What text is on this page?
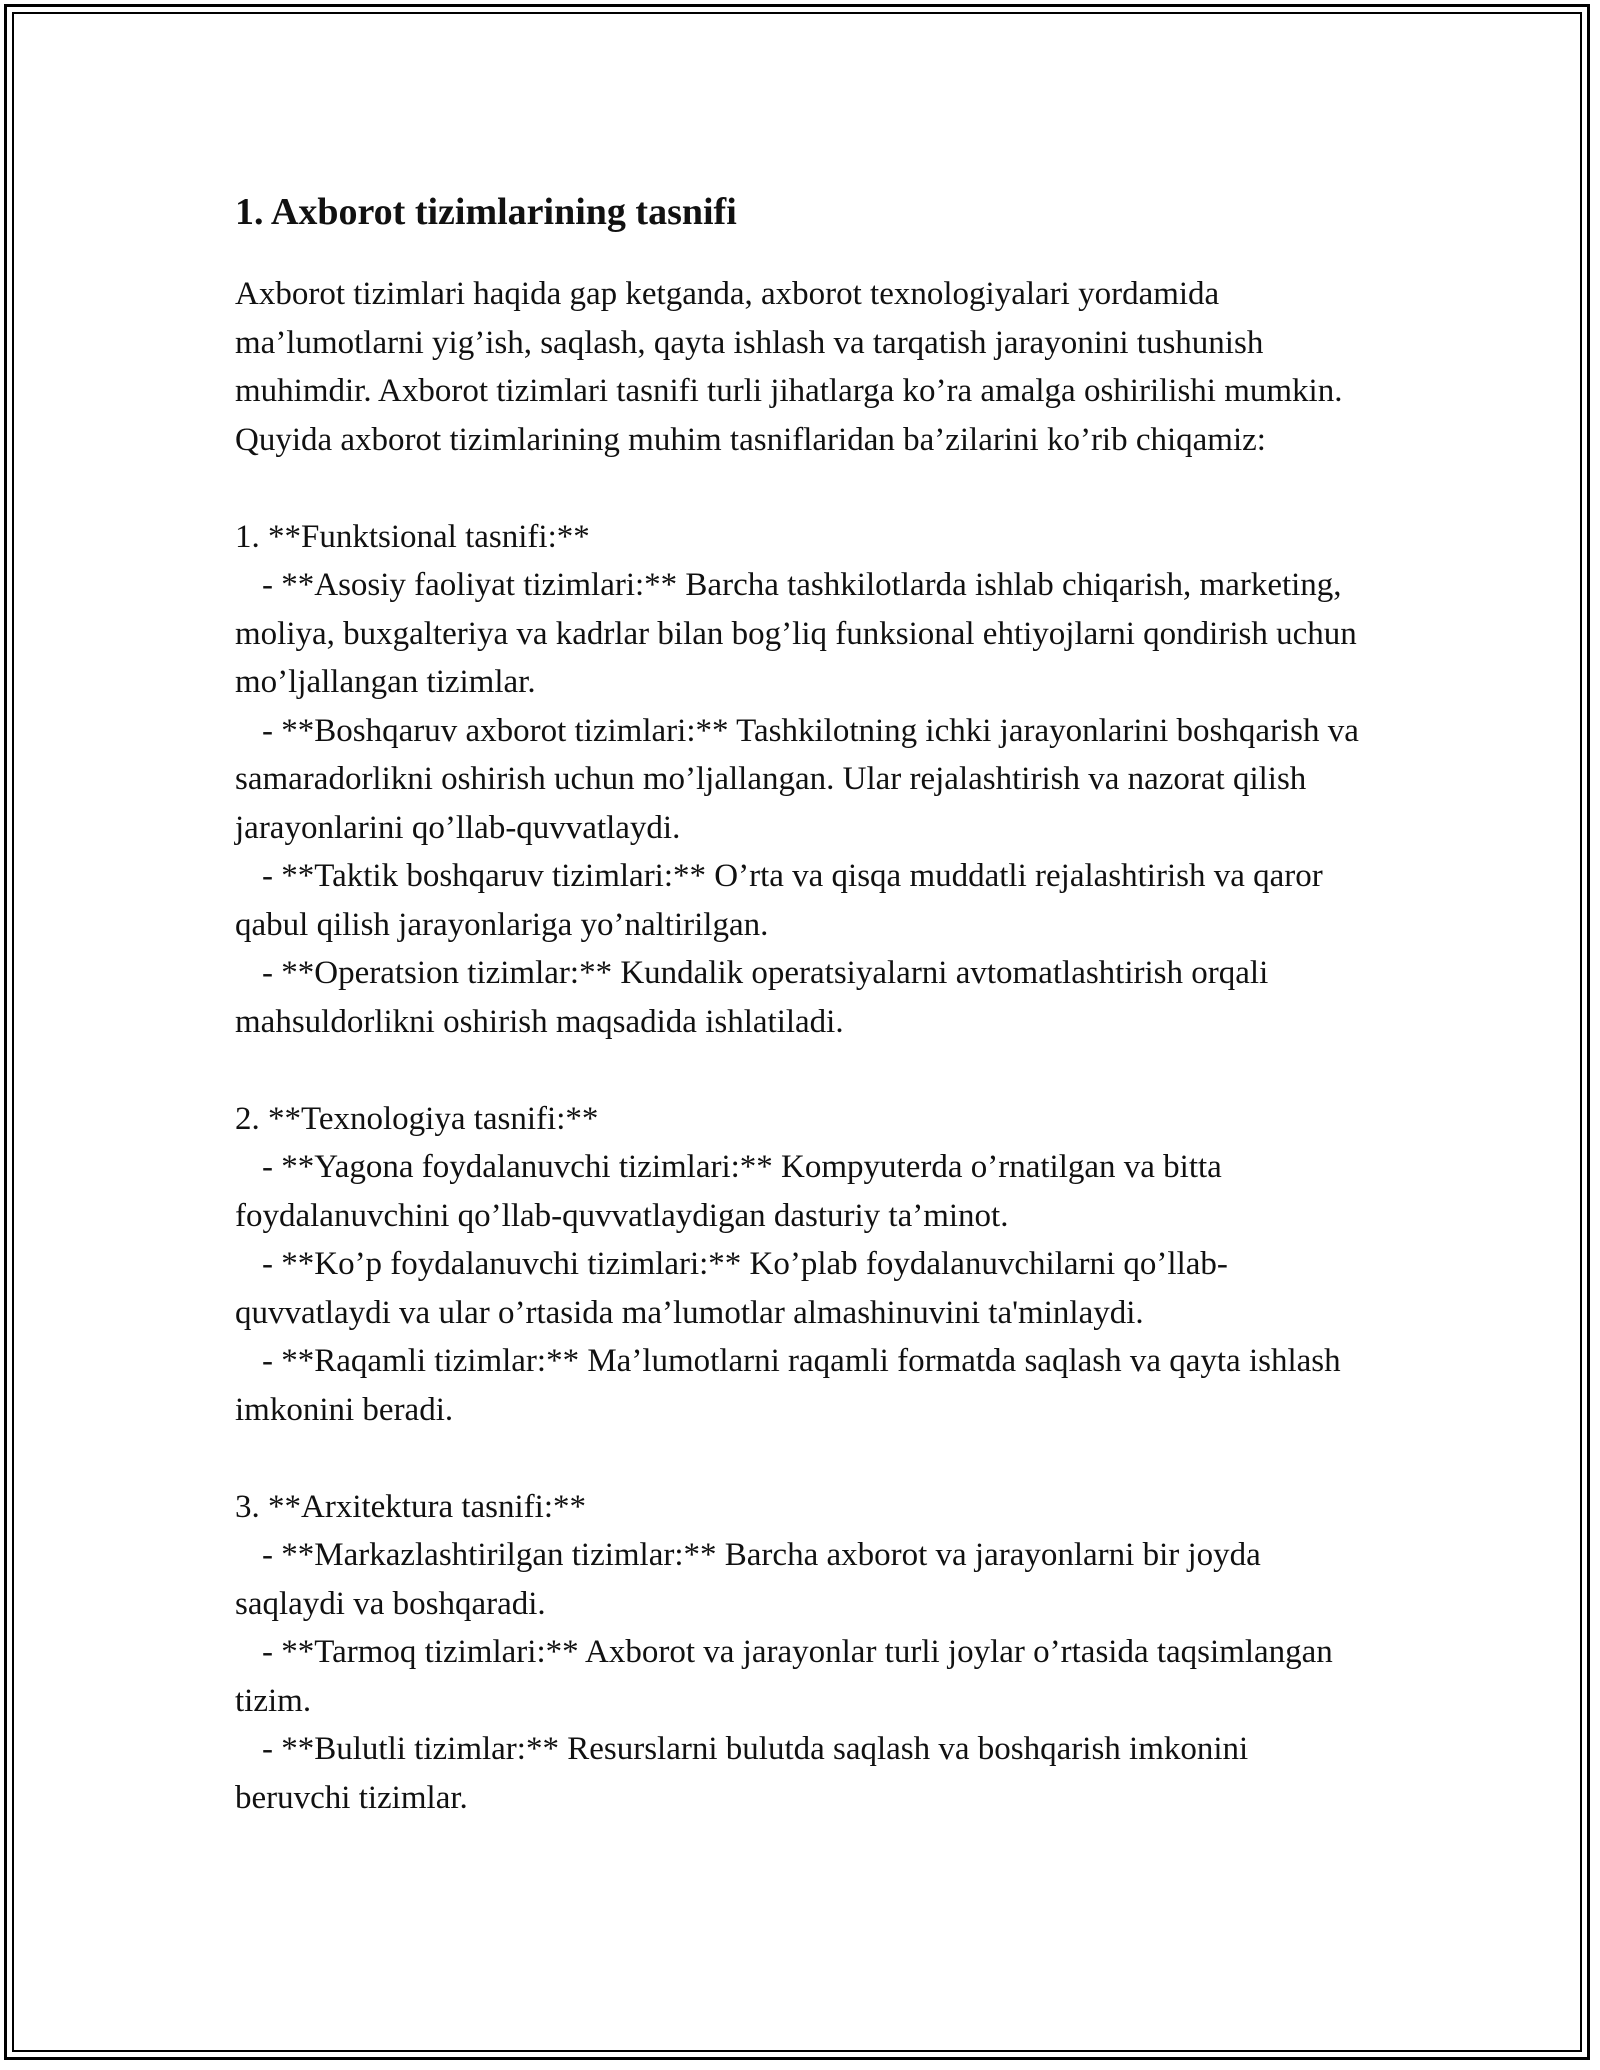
1. Axborot tizimlarining tasnifi

Axborot tizimlari haqida gap ketganda, axborot texnologiyalari yordamida ma’lumotlarni yig’ish, saqlash, qayta ishlash va tarqatish jarayonini tushunish muhimdir. Axborot tizimlari tasnifi turli jihatlarga ko’ra amalga oshirilishi mumkin. Quyida axborot tizimlarining muhim tasniflaridan ba’zilarini ko’rib chiqamiz:

1. **Funktsional tasnifi:**

- **Asosiy faoliyat tizimlari:** Barcha tashkilotlarda ishlab chiqarish, marketing, moliya, buxgalteriya va kadrlar bilan bog’liq funksional ehtiyojlarni qondirish uchun mo’ljallangan tizimlar.

- **Boshqaruv axborot tizimlari:** Tashkilotning ichki jarayonlarini boshqarish va samaradorlikni oshirish uchun mo’ljallangan. Ular rejalashtirish va nazorat qilish jarayonlarini qo’llab-quvvatlaydi.

- **Taktik boshqaruv tizimlari:** O’rta va qisqa muddatli rejalashtirish va qaror qabul qilish jarayonlariga yo’naltirilgan.

- **Operatsion tizimlar:** Kundalik operatsiyalarni avtomatlashtirish orqali mahsuldorlikni oshirish maqsadida ishlatiladi.

2. **Texnologiya tasnifi:**

- **Yagona foydalanuvchi tizimlari:** Kompyuterda o’rnatilgan va bitta foydalanuvchini qo’llab-quvvatlaydigan dasturiy ta’minot.

- **Ko’p foydalanuvchi tizimlari:** Ko’plab foydalanuvchilarni qo’llab-quvvatlaydi va ular o’rtasida ma’lumotlar almashinuvini ta'minlaydi.

- **Raqamli tizimlar:** Ma’lumotlarni raqamli formatda saqlash va qayta ishlash imkonini beradi.

3. **Arxitektura tasnifi:**

- **Markazlashtirilgan tizimlar:** Barcha axborot va jarayonlarni bir joyda saqlaydi va boshqaradi.

- **Tarmoq tizimlari:** Axborot va jarayonlar turli joylar o’rtasida taqsimlangan tizim.

- **Bulutli tizimlar:** Resurslarni bulutda saqlash va boshqarish imkonini beruvchi tizimlar.
